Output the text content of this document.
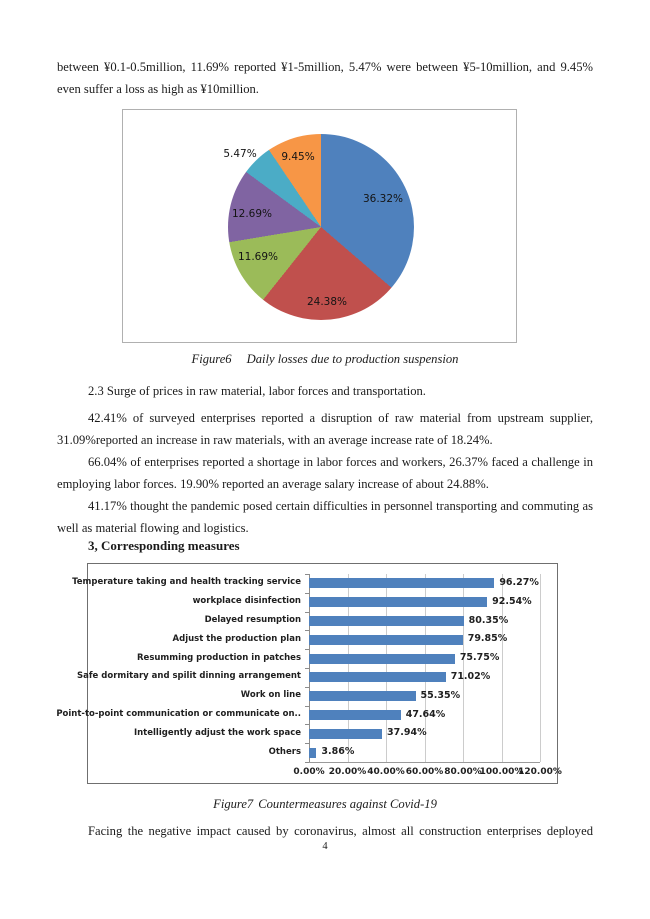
between ¥0.1-0.5million, 11.69% reported ¥1-5million, 5.47% were between ¥5-10million, and 9.45% even suffer a loss as high as ¥10million.

36.32%
24.38%
11.69%
12.69%
5.47% 9.45%

Figure6 Daily losses due to production suspension

2.3 Surge of prices in raw material, labor forces and transportation.

42.41% of surveyed enterprises reported a disruption of raw material from upstream supplier, 31.09%reported an increase in raw materials, with an average increase rate of 18.24%.

66.04% of enterprises reported a shortage in labor forces and workers, 26.37% faced a challenge in employing labor forces. 19.90% reported an average salary increase of about 24.88%.

41.17% thought the pandemic posed certain difficulties in personnel transporting and commuting as well as material flowing and logistics.

3, Corresponding measures

0.00% 20.00% 40.00% 60.00% 80.00%
100.00%
120.00%
Temperature taking and health tracking service	96.27%
workplace disinfection	92.54%
Delayed resumption	80.35%
Adjust the production plan	79.85%
Resumming production in patches	75.75%
Safe dormitary and spilit dinning arrangement	71.02%
Work on line	55.35%
Point-to-point communication or communicate on..	47.64%
Intelligently adjust the work space	37.94%
Others 3.86%

Figure7 Countermeasures against Covid-19

Facing the negative impact caused by coronavirus, almost all construction enterprises deployed

4
